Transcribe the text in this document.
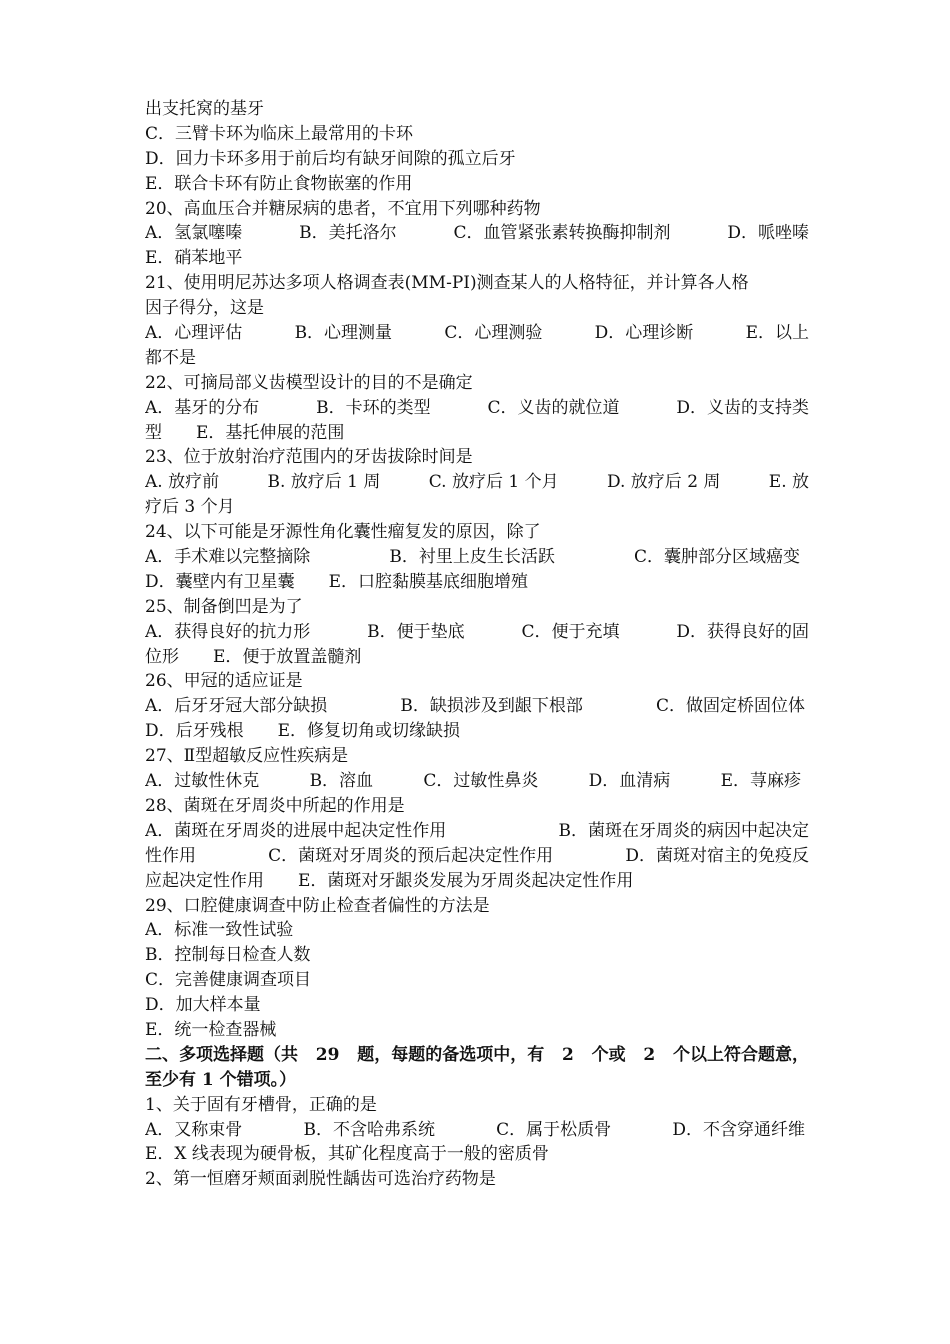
出支托窝的基牙
C．三臂卡环为临床上最常用的卡环
D．回力卡环多用于前后均有缺牙间隙的孤立后牙
E．联合卡环有防止食物嵌塞的作用
20、高血压合并糖尿病的患者，不宜用下列哪种药物
A．氢氯噻嗪	B．美托洛尔	C．血管紧张素转换酶抑制剂	D．哌唑嗪
E．硝苯地平
21、使用明尼苏达多项人格调查表(MM-PI)测查某人的人格特征，并计算各人格
因子得分，这是
A．心理评估	B．心理测量	C．心理测验	D．心理诊断	E．以上
都不是
22、可摘局部义齿模型设计的目的不是确定
A．基牙的分布	B．卡环的类型	C．义齿的就位道	D．义齿的支持类
型　　E．基托伸展的范围
23、位于放射治疗范围内的牙齿拔除时间是
A. 放疗前	B. 放疗后 1 周	C. 放疗后 1 个月	D. 放疗后 2 周	E. 放
疗后 3 个月
24、以下可能是牙源性角化囊性瘤复发的原因，除了
A．手术难以完整摘除	B．衬里上皮生长活跃	C．囊肿部分区域癌变
D．囊壁内有卫星囊　　E．口腔黏膜基底细胞增殖
25、制备倒凹是为了
A．获得良好的抗力形	B．便于垫底	C．便于充填	D．获得良好的固
位形　　E．便于放置盖髓剂
26、甲冠的适应证是
A．后牙牙冠大部分缺损	B．缺损涉及到龈下根部	C．做固定桥固位体
D．后牙残根　　E．修复切角或切缘缺损
27、Ⅱ型超敏反应性疾病是
A．过敏性休克	B．溶血	C．过敏性鼻炎	D．血清病	E．荨麻疹
28、菌斑在牙周炎中所起的作用是
A．菌斑在牙周炎的进展中起决定性作用	B．菌斑在牙周炎的病因中起决定
性作用	C．菌斑对牙周炎的预后起决定性作用	D．菌斑对宿主的免疫反
应起决定性作用　　E．菌斑对牙龈炎发展为牙周炎起决定性作用
29、口腔健康调查中防止检查者偏性的方法是
A．标准一致性试验
B．控制每日检查人数
C．完善健康调查项目
D．加大样本量
E．统一检查器械
二、多项选择题（共 29 题，每题的备选项中，有 2 个或 2 个以上符合题意，
至少有 1 个错项。）
1、关于固有牙槽骨，正确的是
A．又称束骨	B．不含哈弗系统	C．属于松质骨	D．不含穿通纤维
E．X 线表现为硬骨板，其矿化程度高于一般的密质骨
2、第一恒磨牙颊面剥脱性龋齿可选治疗药物是
